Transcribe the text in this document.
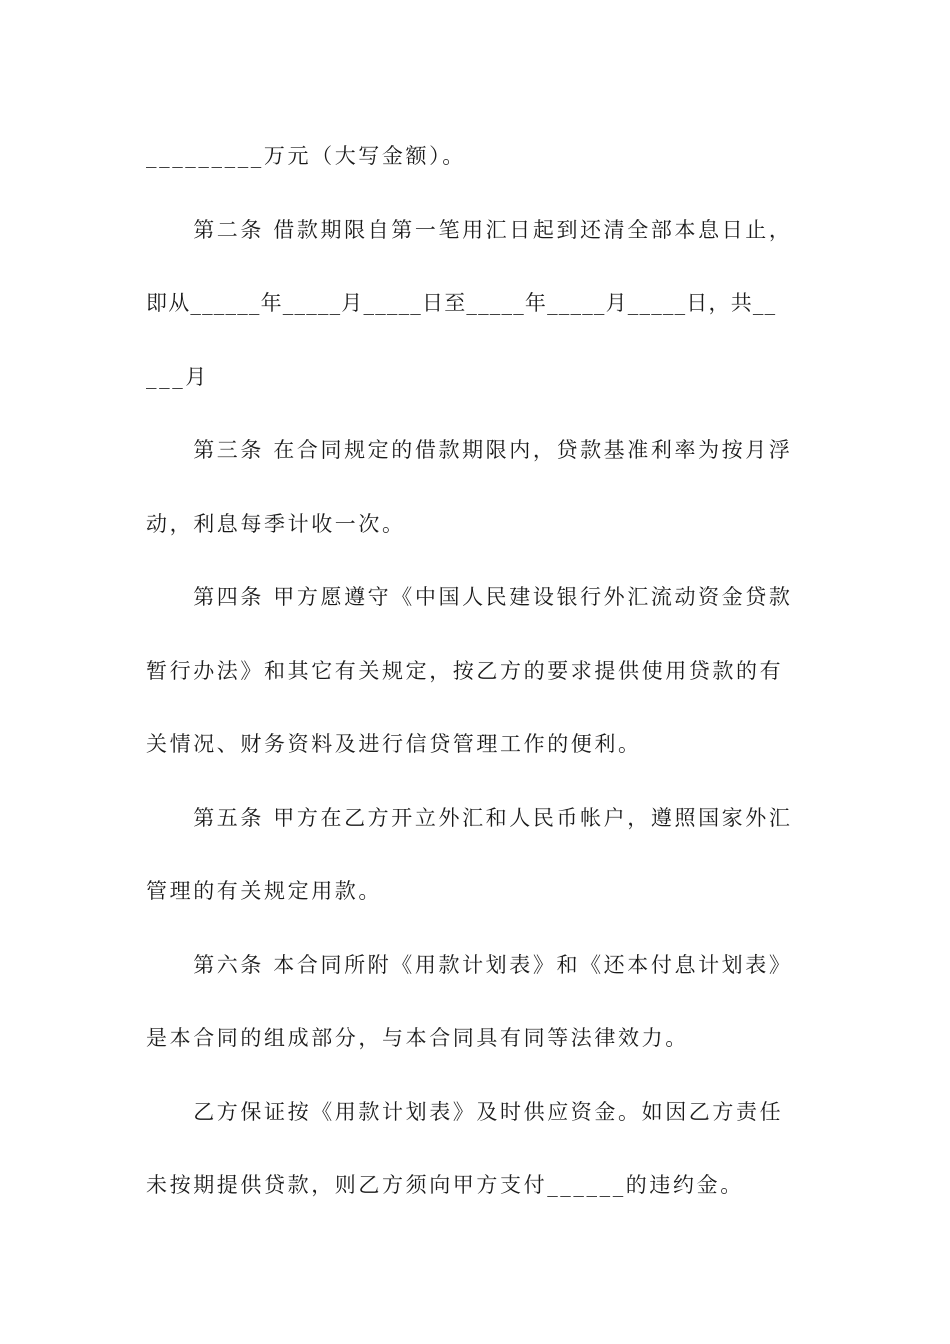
_________万元（大写金额）。
　　第二条 借款期限自第一笔用汇日起到还清全部本息日止，
即从______年_____月_____日至_____年_____月_____日，共__
___月
　　第三条 在合同规定的借款期限内，贷款基准利率为按月浮
动，利息每季计收一次。
　　第四条 甲方愿遵守《中国人民建设银行外汇流动资金贷款
暂行办法》和其它有关规定，按乙方的要求提供使用贷款的有
关情况、财务资料及进行信贷管理工作的便利。
　　第五条 甲方在乙方开立外汇和人民币帐户，遵照国家外汇
管理的有关规定用款。
　　第六条 本合同所附《用款计划表》和《还本付息计划表》
是本合同的组成部分，与本合同具有同等法律效力。
　　乙方保证按《用款计划表》及时供应资金。如因乙方责任
未按期提供贷款，则乙方须向甲方支付______的违约金。
